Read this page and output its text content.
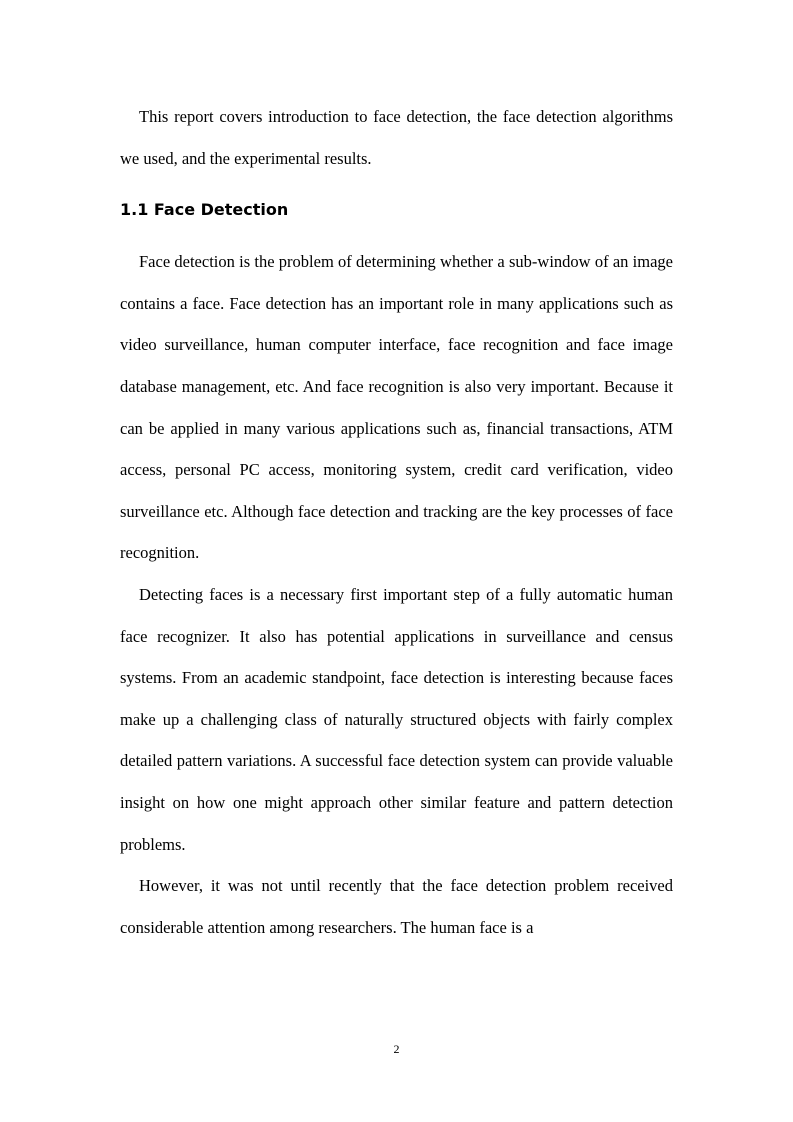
This report covers introduction to face detection, the face detection algorithms we used, and the experimental results.

1.1 Face Detection

Face detection is the problem of determining whether a sub-window of an image contains a face. Face detection has an important role in many applications such as video surveillance, human computer interface, face recognition and face image database management, etc. And face recognition is also very important. Because it can be applied in many various applications such as, financial transactions, ATM access, personal PC access, monitoring system, credit card verification, video surveillance etc. Although face detection and tracking are the key processes of face recognition.

Detecting faces is a necessary first important step of a fully automatic human face recognizer. It also has potential applications in surveillance and census systems. From an academic standpoint, face detection is interesting because faces make up a challenging class of naturally structured objects with fairly complex detailed pattern variations. A successful face detection system can provide valuable insight on how one might approach other similar feature and pattern detection problems.

However, it was not until recently that the face detection problem received considerable attention among researchers. The human face is a

2
